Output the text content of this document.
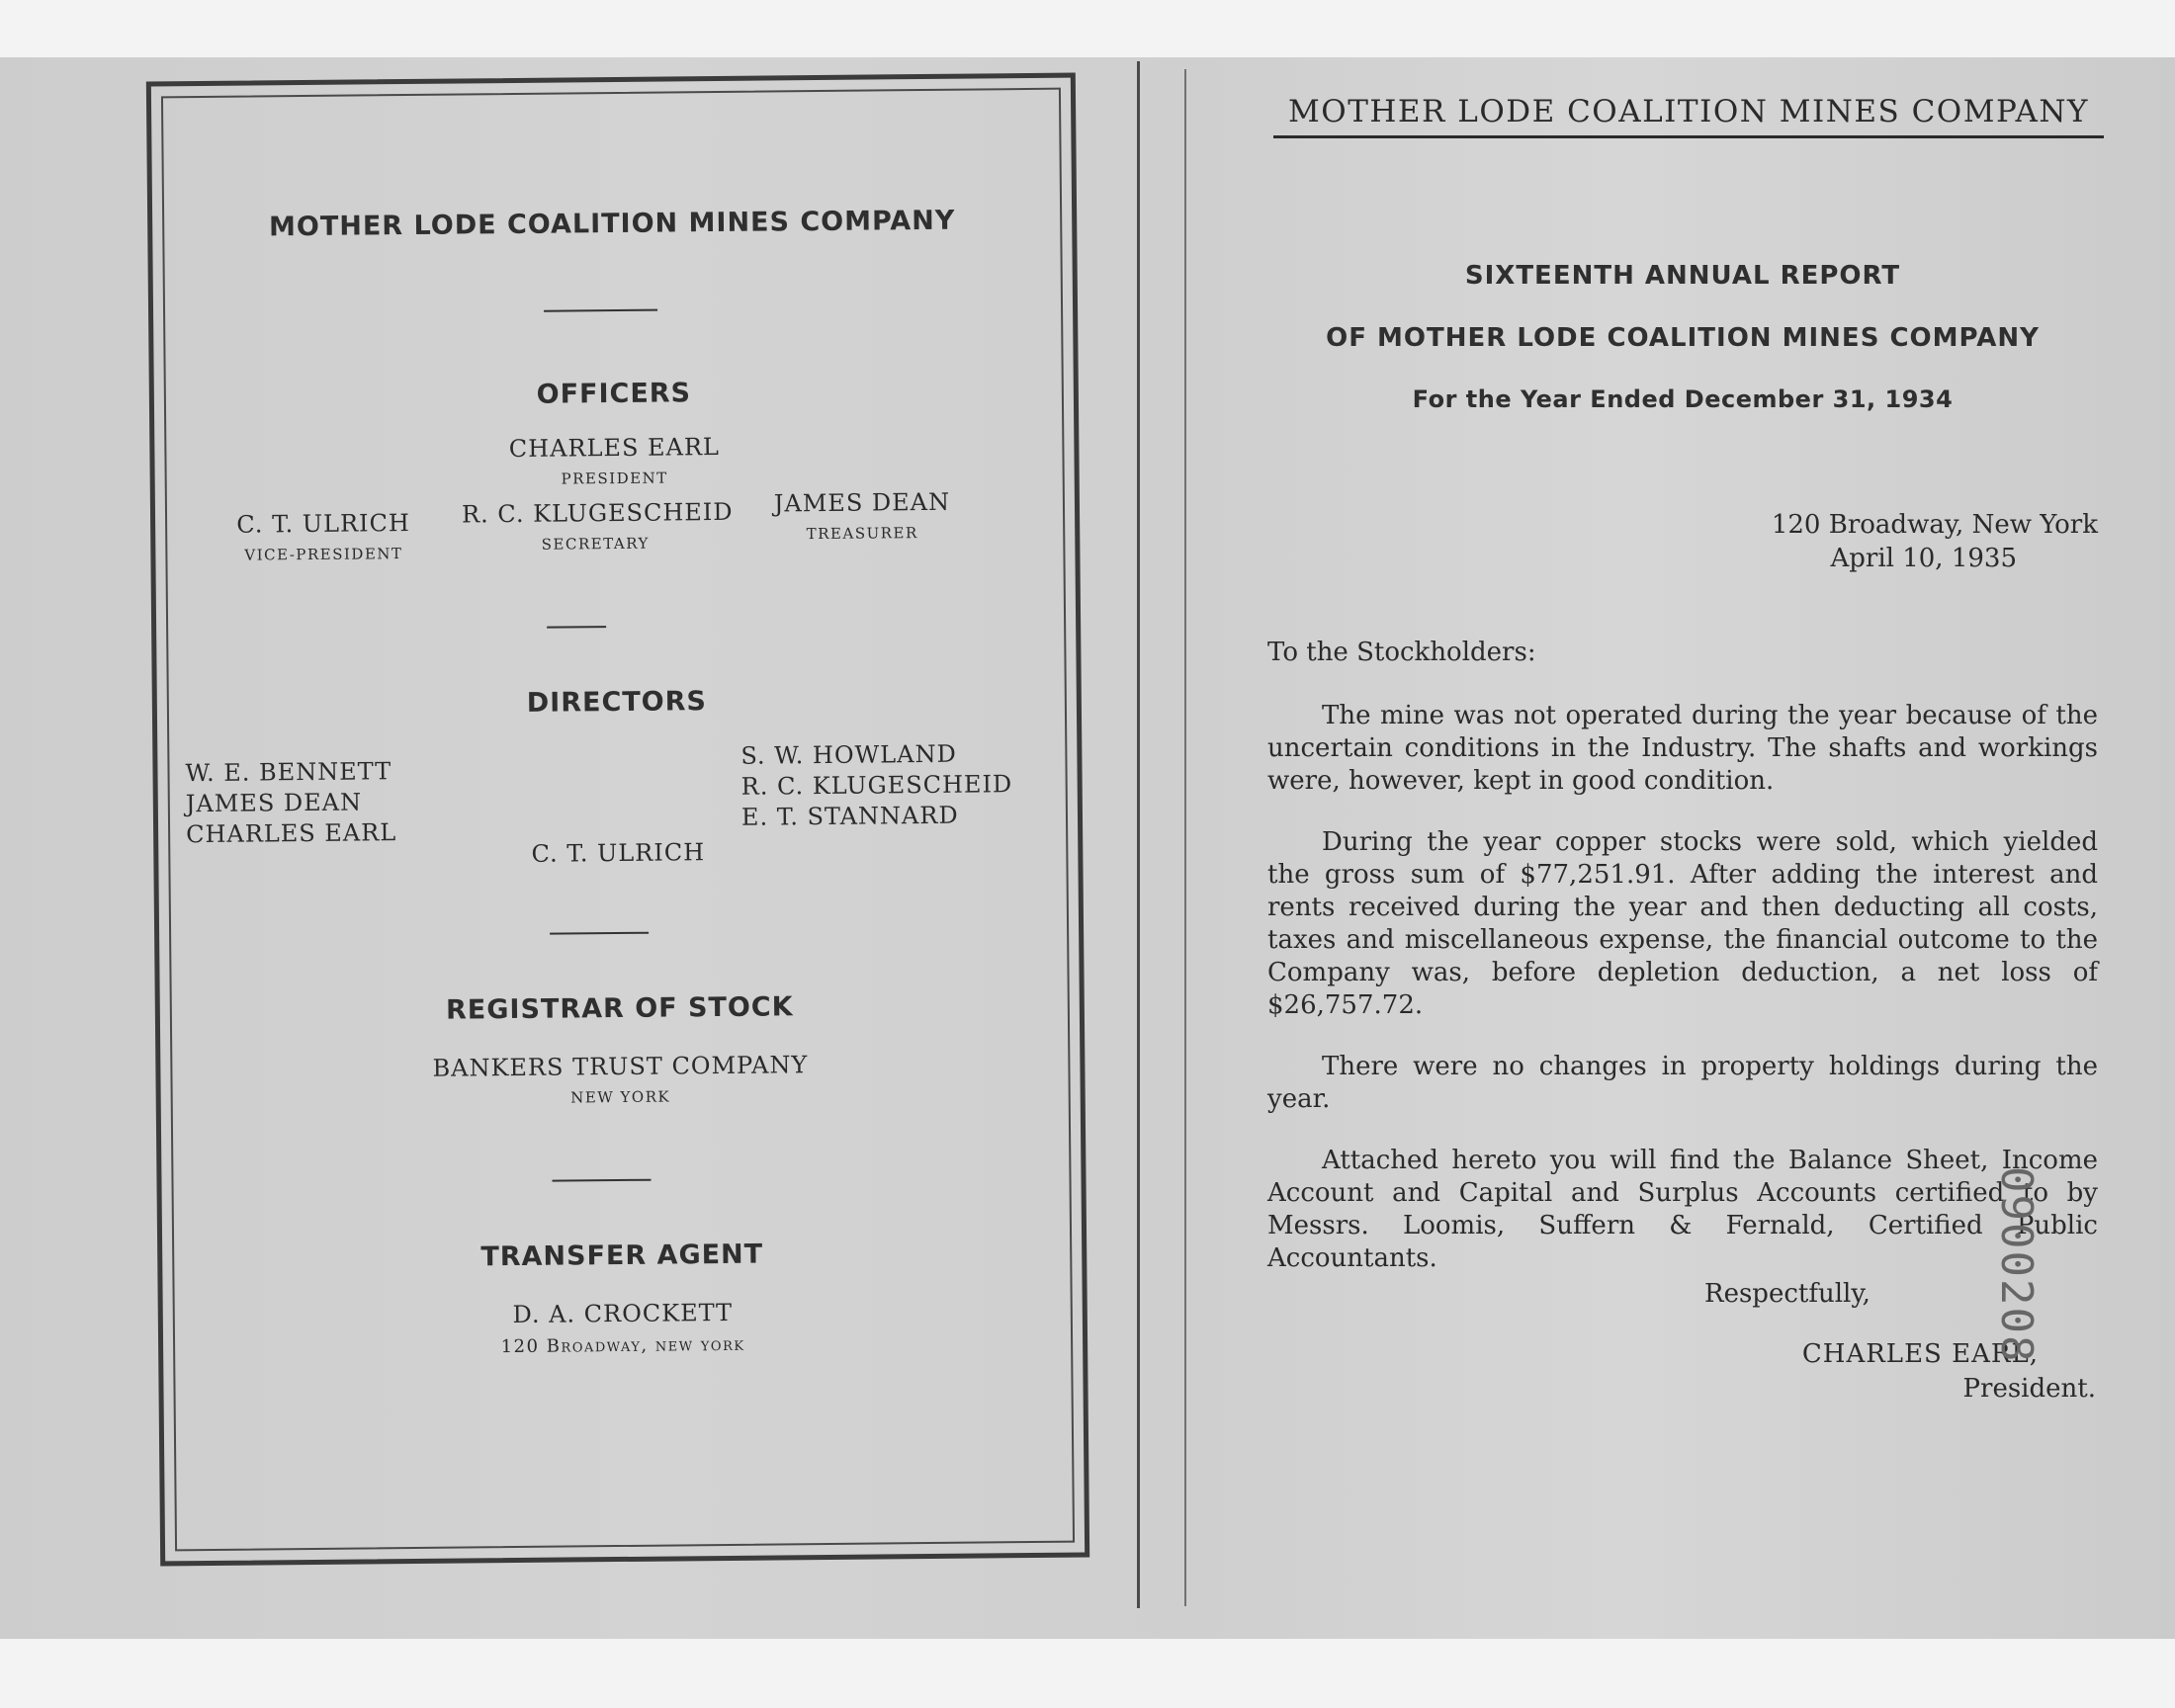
MOTHER LODE COALITION MINES COMPANY
OFFICERS
CHARLES EARL
PRESIDENT
C. T. ULRICH
VICE-PRESIDENT
R. C. KLUGESCHEID
SECRETARY
JAMES DEAN
TREASURER
DIRECTORS
W. E. BENNETT
JAMES DEAN
CHARLES EARL
S. W. HOWLAND
R. C. KLUGESCHEID
E. T. STANNARD
C. T. ULRICH
REGISTRAR OF STOCK
BANKERS TRUST COMPANY
NEW YORK
TRANSFER AGENT
D. A. CROCKETT
120 Broadway, new york
MOTHER LODE COALITION MINES COMPANY
SIXTEENTH ANNUAL REPORT
OF MOTHER LODE COALITION MINES COMPANY
For the Year Ended December 31, 1934
120 Broadway, New York
April 10, 1935
To the Stockholders:

The mine was not operated during the year because of the uncertain conditions in the Industry. The shafts and workings were, however, kept in good condition.

During the year copper stocks were sold, which yielded the gross sum of $77,251.91. After adding the interest and rents received during the year and then deducting all costs, taxes and miscellaneous expense, the financial outcome to the Company was, before depletion deduction, a net loss of $26,757.72.

There were no changes in property holdings during the year.

Attached hereto you will find the Balance Sheet, Income Account and Capital and Surplus Accounts certified to by Messrs. Loomis, Suffern & Fernald, Certified Public Accountants.

Respectfully,
CHARLES EARL,
President.
0900208
